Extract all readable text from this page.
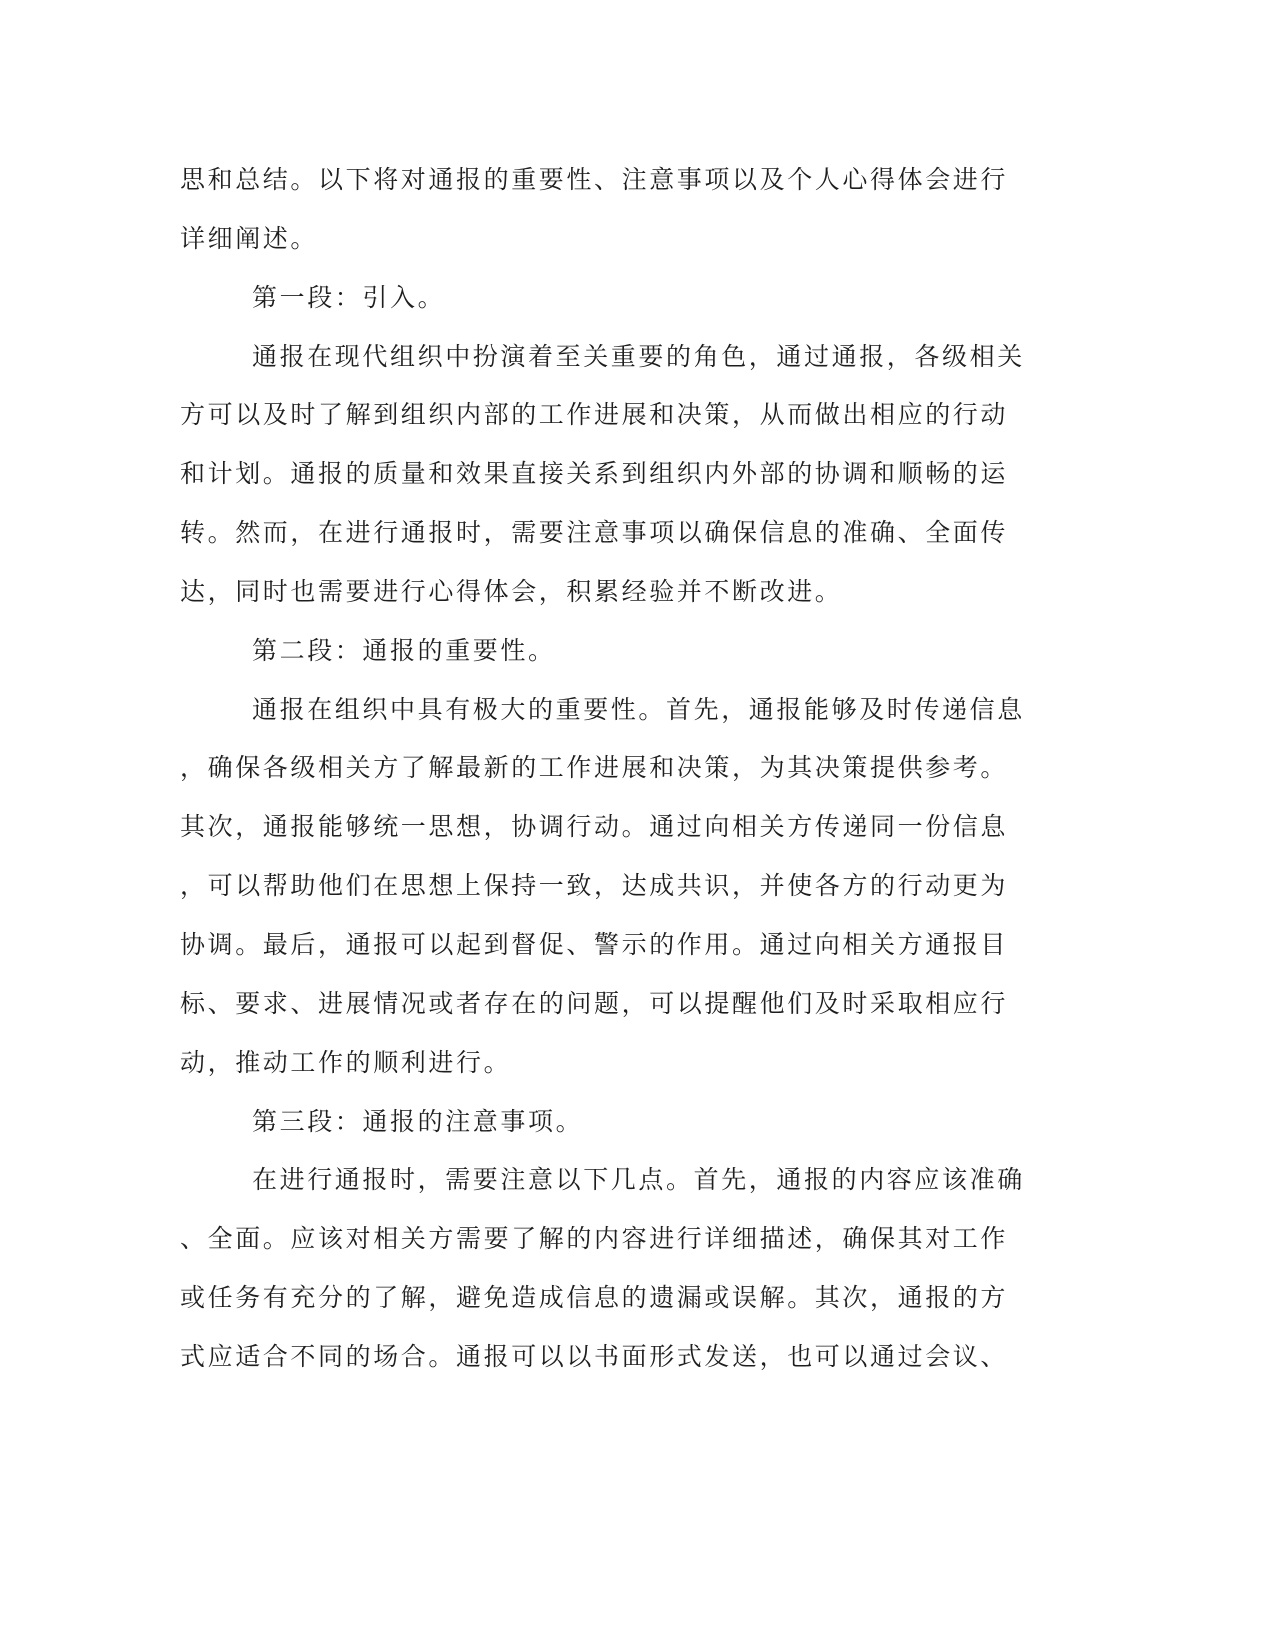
思和总结。以下将对通报的重要性、注意事项以及个人心得体会进行
详细阐述。
第一段：引入。
通报在现代组织中扮演着至关重要的角色，通过通报，各级相关
方可以及时了解到组织内部的工作进展和决策，从而做出相应的行动
和计划。通报的质量和效果直接关系到组织内外部的协调和顺畅的运
转。然而，在进行通报时，需要注意事项以确保信息的准确、全面传
达，同时也需要进行心得体会，积累经验并不断改进。
第二段：通报的重要性。
通报在组织中具有极大的重要性。首先，通报能够及时传递信息
，确保各级相关方了解最新的工作进展和决策，为其决策提供参考。
其次，通报能够统一思想，协调行动。通过向相关方传递同一份信息
，可以帮助他们在思想上保持一致，达成共识，并使各方的行动更为
协调。最后，通报可以起到督促、警示的作用。通过向相关方通报目
标、要求、进展情况或者存在的问题，可以提醒他们及时采取相应行
动，推动工作的顺利进行。
第三段：通报的注意事项。
在进行通报时，需要注意以下几点。首先，通报的内容应该准确
、全面。应该对相关方需要了解的内容进行详细描述，确保其对工作
或任务有充分的了解，避免造成信息的遗漏或误解。其次，通报的方
式应适合不同的场合。通报可以以书面形式发送，也可以通过会议、
